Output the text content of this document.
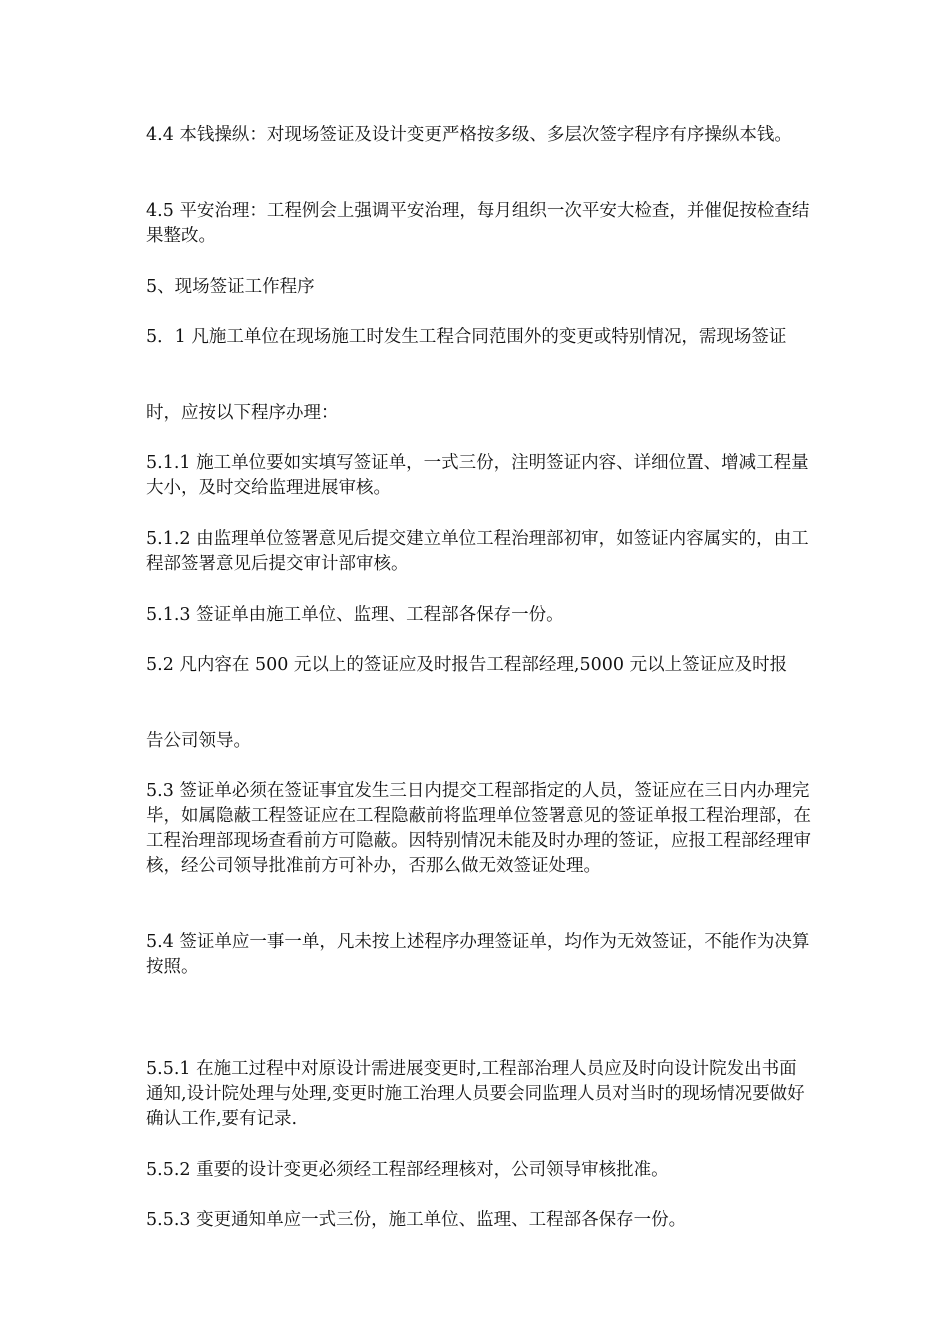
4.4 本钱操纵：对现场签证及设计变更严格按多级、多层次签字程序有序操纵本钱。

4.5 平安治理：工程例会上强调平安治理，每月组织一次平安大检查，并催促按检查结果整改。

5、现场签证工作程序

5．1 凡施工单位在现场施工时发生工程合同范围外的变更或特别情况，需现场签证

时，应按以下程序办理：

5.1.1 施工单位要如实填写签证单，一式三份，注明签证内容、详细位置、增减工程量大小，及时交给监理进展审核。

5.1.2 由监理单位签署意见后提交建立单位工程治理部初审，如签证内容属实的，由工程部签署意见后提交审计部审核。

5.1.3 签证单由施工单位、监理、工程部各保存一份。

5.2 凡内容在 500 元以上的签证应及时报告工程部经理,5000 元以上签证应及时报

告公司领导。

5.3 签证单必须在签证事宜发生三日内提交工程部指定的人员，签证应在三日内办理完毕，如属隐蔽工程签证应在工程隐蔽前将监理单位签署意见的签证单报工程治理部，在工程治理部现场查看前方可隐蔽。因特别情况未能及时办理的签证，应报工程部经理审核，经公司领导批准前方可补办，否那么做无效签证处理。

5.4 签证单应一事一单，凡未按上述程序办理签证单，均作为无效签证，不能作为决算按照。

5.5.1 在施工过程中对原设计需进展变更时,工程部治理人员应及时向设计院发出书面通知,设计院处理与处理,变更时施工治理人员要会同监理人员对当时的现场情况要做好确认工作,要有记录.

5.5.2 重要的设计变更必须经工程部经理核对，公司领导审核批准。

5.5.3 变更通知单应一式三份，施工单位、监理、工程部各保存一份。
